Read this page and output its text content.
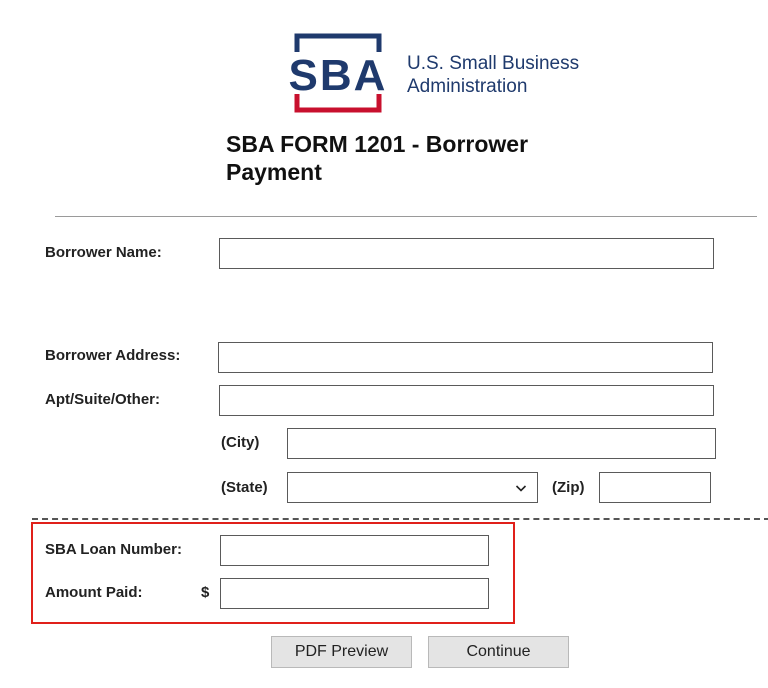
SBA U.S. Small Business
Administration
SBA FORM 1201 - Borrower
Payment
Borrower Name:
Borrower Address:
Apt/Suite/Other:
(City)
(State)	(Zip)
SBA Loan Number:
Amount Paid:	$
PDF Preview	Continue
